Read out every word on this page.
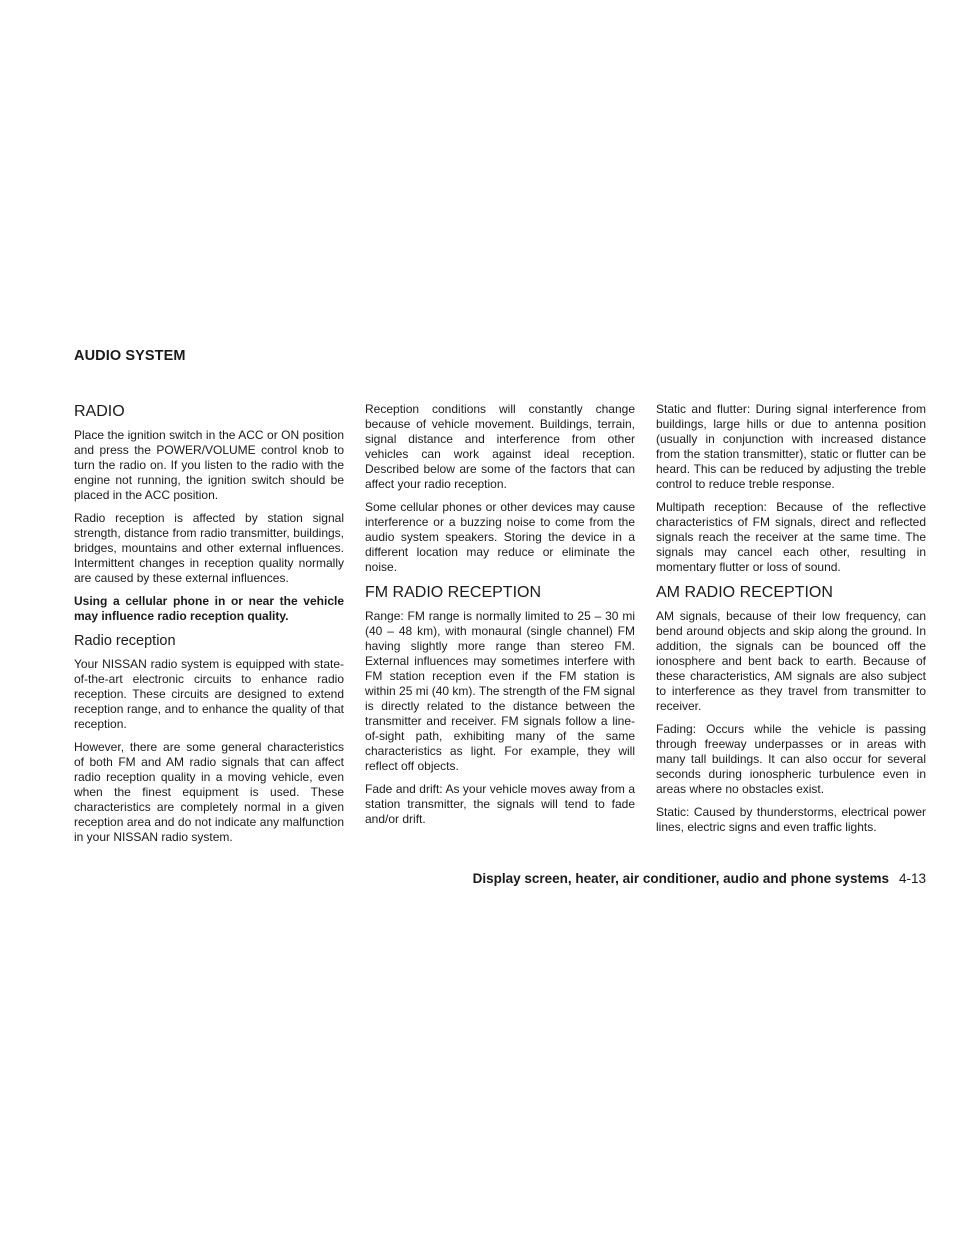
AUDIO SYSTEM
RADIO

Place the ignition switch in the ACC or ON position and press the POWER/VOLUME control knob to turn the radio on. If you listen to the radio with the engine not running, the ignition switch should be placed in the ACC position.

Radio reception is affected by station signal strength, distance from radio transmitter, buildings, bridges, mountains and other external influences. Intermittent changes in reception quality normally are caused by these external influences.

Using a cellular phone in or near the vehicle may influence radio reception quality.

Radio reception

Your NISSAN radio system is equipped with state-of-the-art electronic circuits to enhance radio reception. These circuits are designed to extend reception range, and to enhance the quality of that reception.

However, there are some general characteristics of both FM and AM radio signals that can affect radio reception quality in a moving vehicle, even when the finest equipment is used. These characteristics are completely normal in a given reception area and do not indicate any malfunction in your NISSAN radio system.

Reception conditions will constantly change because of vehicle movement. Buildings, terrain, signal distance and interference from other vehicles can work against ideal reception. Described below are some of the factors that can affect your radio reception.

Some cellular phones or other devices may cause interference or a buzzing noise to come from the audio system speakers. Storing the device in a different location may reduce or eliminate the noise.

FM RADIO RECEPTION

Range: FM range is normally limited to 25 – 30 mi (40 – 48 km), with monaural (single channel) FM having slightly more range than stereo FM. External influences may sometimes interfere with FM station reception even if the FM station is within 25 mi (40 km). The strength of the FM signal is directly related to the distance between the transmitter and receiver. FM signals follow a line-of-sight path, exhibiting many of the same characteristics as light. For example, they will reflect off objects.

Fade and drift: As your vehicle moves away from a station transmitter, the signals will tend to fade and/or drift.

Static and flutter: During signal interference from buildings, large hills or due to antenna position (usually in conjunction with increased distance from the station transmitter), static or flutter can be heard. This can be reduced by adjusting the treble control to reduce treble response.

Multipath reception: Because of the reflective characteristics of FM signals, direct and reflected signals reach the receiver at the same time. The signals may cancel each other, resulting in momentary flutter or loss of sound.

AM RADIO RECEPTION

AM signals, because of their low frequency, can bend around objects and skip along the ground. In addition, the signals can be bounced off the ionosphere and bent back to earth. Because of these characteristics, AM signals are also subject to interference as they travel from transmitter to receiver.

Fading: Occurs while the vehicle is passing through freeway underpasses or in areas with many tall buildings. It can also occur for several seconds during ionospheric turbulence even in areas where no obstacles exist.

Static: Caused by thunderstorms, electrical power lines, electric signs and even traffic lights.

Display screen, heater, air conditioner, audio and phone systems 4-13
